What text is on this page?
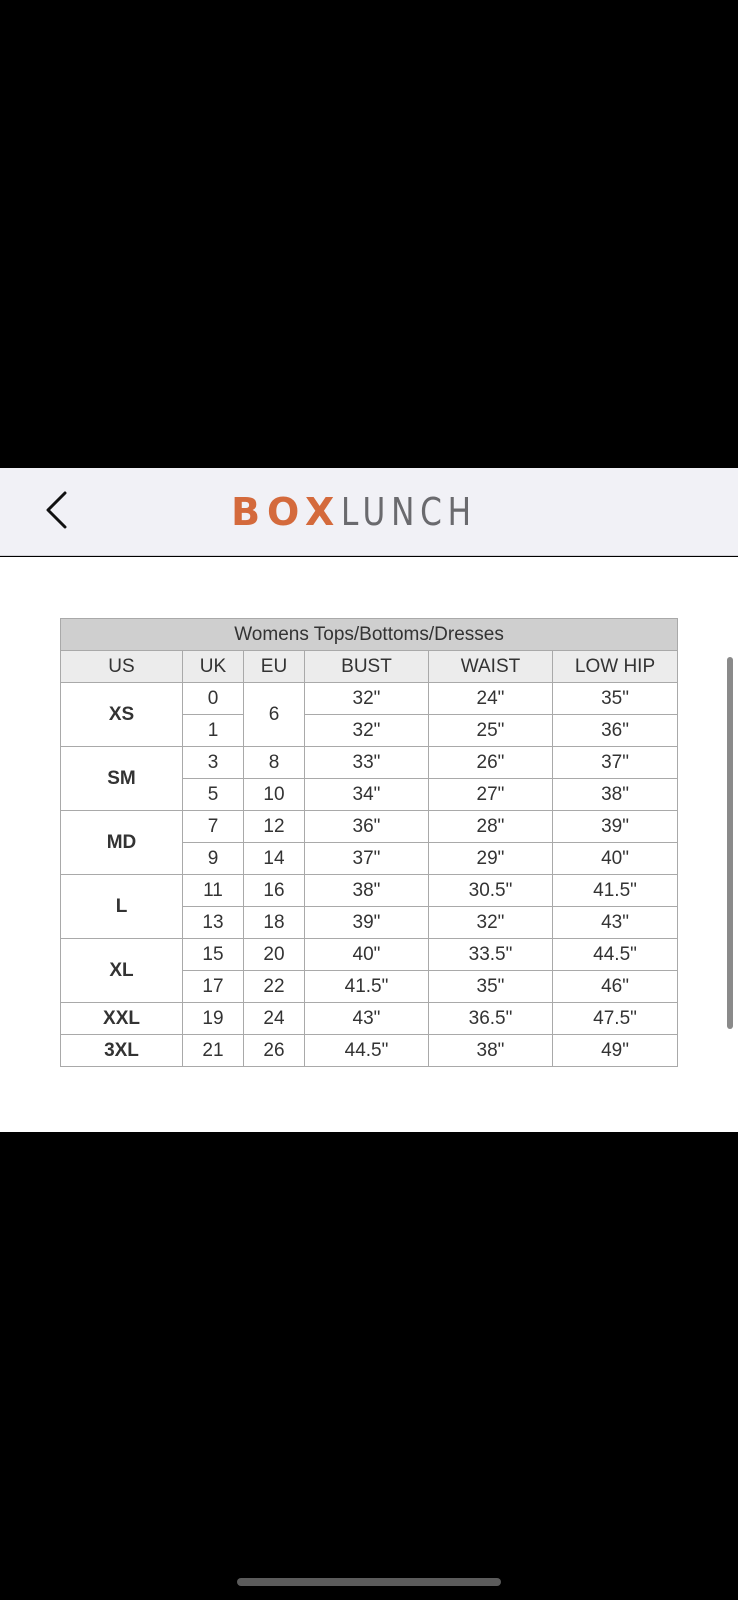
BOX LUNCH
Womens Tops/Bottoms/Dresses					
US	UK	EU	BUST	WAIST	LOW HIP
XS	0	6	32"	24"	35"
	1		32"	25"	36"
SM	3	8	33"	26"	37"
	5	10	34"	27"	38"
MD	7	12	36"	28"	39"
	9	14	37"	29"	40"
L	11	16	38"	30.5"	41.5"
	13	18	39"	32"	43"
XL	15	20	40"	33.5"	44.5"
	17	22	41.5"	35"	46"
XXL	19	24	43"	36.5"	47.5"
3XL	21	26	44.5"	38"	49"
